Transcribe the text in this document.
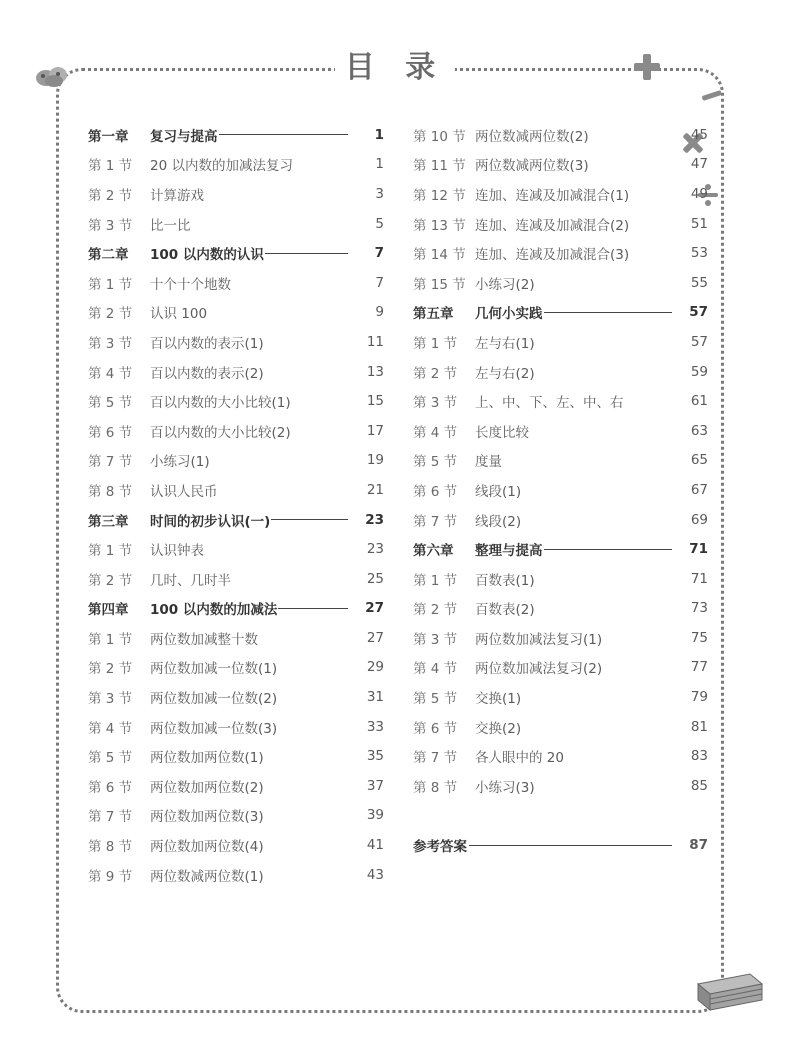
目 录
第一章	复习与提高	1
第 1 节	20 以内数的加减法复习	1
第 2 节	计算游戏	3
第 3 节	比一比	5
第二章	100 以内数的认识	7
第 1 节	十个十个地数	7
第 2 节	认识 100	9
第 3 节	百以内数的表示(1)	11
第 4 节	百以内数的表示(2)	13
第 5 节	百以内数的大小比较(1)	15
第 6 节	百以内数的大小比较(2)	17
第 7 节	小练习(1)	19
第 8 节	认识人民币	21
第三章	时间的初步认识(一)	23
第 1 节	认识钟表	23
第 2 节	几时、几时半	25
第四章	100 以内数的加减法	27
第 1 节	两位数加减整十数	27
第 2 节	两位数加减一位数(1)	29
第 3 节	两位数加减一位数(2)	31
第 4 节	两位数加减一位数(3)	33
第 5 节	两位数加两位数(1)	35
第 6 节	两位数加两位数(2)	37
第 7 节	两位数加两位数(3)	39
第 8 节	两位数加两位数(4)	41
第 9 节	两位数减两位数(1)	43
第 10 节 两位数减两位数(2)	45
第 11 节 两位数减两位数(3)	47
第 12 节 连加、连减及加减混合(1)	49
第 13 节 连加、连减及加减混合(2)	51
第 14 节 连加、连减及加减混合(3)	53
第 15 节 小练习(2)	55
第五章	几何小实践	57
第 1 节	左与右(1)	57
第 2 节	左与右(2)	59
第 3 节	上、中、下、左、中、右	61
第 4 节	长度比较	63
第 5 节	度量	65
第 6 节	线段(1)	67
第 7 节	线段(2)	69
第六章	整理与提高	71
第 1 节	百数表(1)	71
第 2 节	百数表(2)	73
第 3 节	两位数加减法复习(1)	75
第 4 节	两位数加减法复习(2)	77
第 5 节	交换(1)	79
第 6 节	交换(2)	81
第 7 节	各人眼中的 20	83
第 8 节	小练习(3)	85
参考答案	87
